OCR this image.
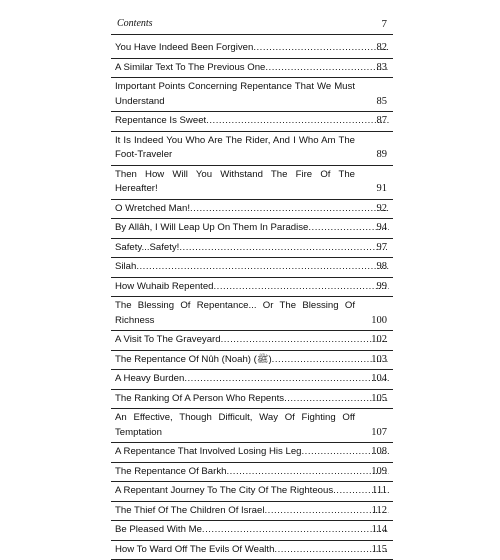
Contents	7
You Have Indeed Been Forgiven .....	82
A Similar Text To The Previous One .....	83
Important Points Concerning Repentance That We Must Understand	85
Repentance Is Sweet .....	87
It Is Indeed You Who Are The Rider, And I Who Am The Foot-Traveler	89
Then How Will You Withstand The Fire Of The Hereafter!	91
O Wretched Man! .....	92
By Allâh, I Will Leap Up On Them In Paradise .....	94
Safety...Safety! .....	97
Silah .....	98
How Wuhaib Repented .....	99
The Blessing Of Repentance... Or The Blessing Of Richness	100
A Visit To The Graveyard .....	102
The Repentance Of Nûh (Noah) (ﷺ) .....	103
A Heavy Burden .....	104
The Ranking Of A Person Who Repents .....	105
An Effective, Though Difficult, Way Of Fighting Off Temptation	107
A Repentance That Involved Losing His Leg .....	108
The Repentance Of Barkh .....	109
A Repentant Journey To The City Of The Righteous .....	111
The Thief Of The Children Of Israel .....	112
Be Pleased With Me .....	114
How To Ward Off The Evils Of Wealth .....	115
